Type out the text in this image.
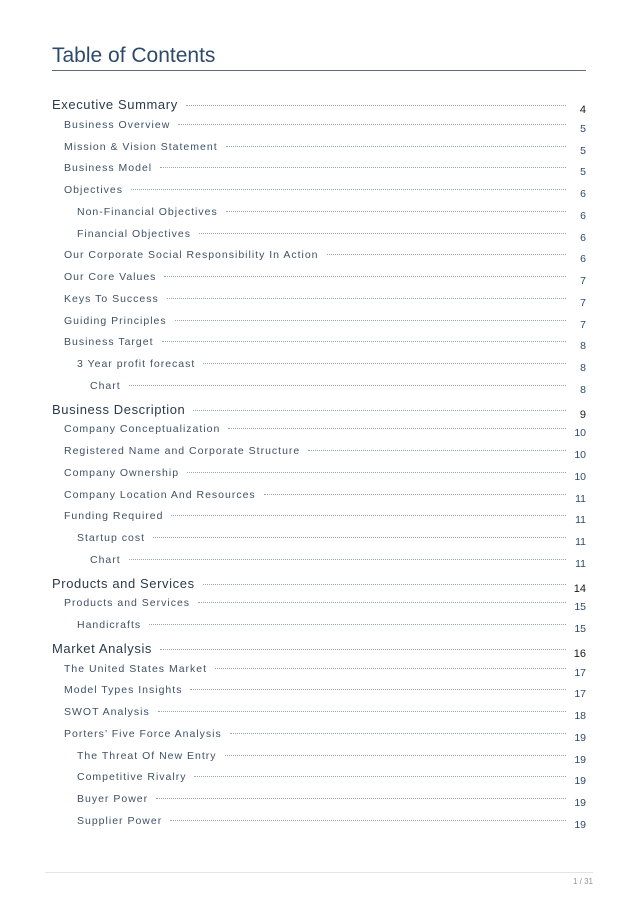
Table of Contents
Executive Summary	4
Business Overview	5
Mission & Vision Statement	5
Business Model	5
Objectives	6
Non-Financial Objectives	6
Financial Objectives	6
Our Corporate Social Responsibility In Action	6
Our Core Values	7
Keys To Success	7
Guiding Principles	7
Business Target	8
3 Year profit forecast	8
Chart	8
Business Description	9
Company Conceptualization	10
Registered Name and Corporate Structure	10
Company Ownership	10
Company Location And Resources	11
Funding Required	11
Startup cost	11
Chart	11
Products and Services	14
Products and Services	15
Handicrafts	15
Market Analysis	16
The United States Market	17
Model Types Insights	17
SWOT Analysis	18
Porters’ Five Force Analysis	19
The Threat Of New Entry	19
Competitive Rivalry	19
Buyer Power	19
Supplier Power	19
1 / 31
